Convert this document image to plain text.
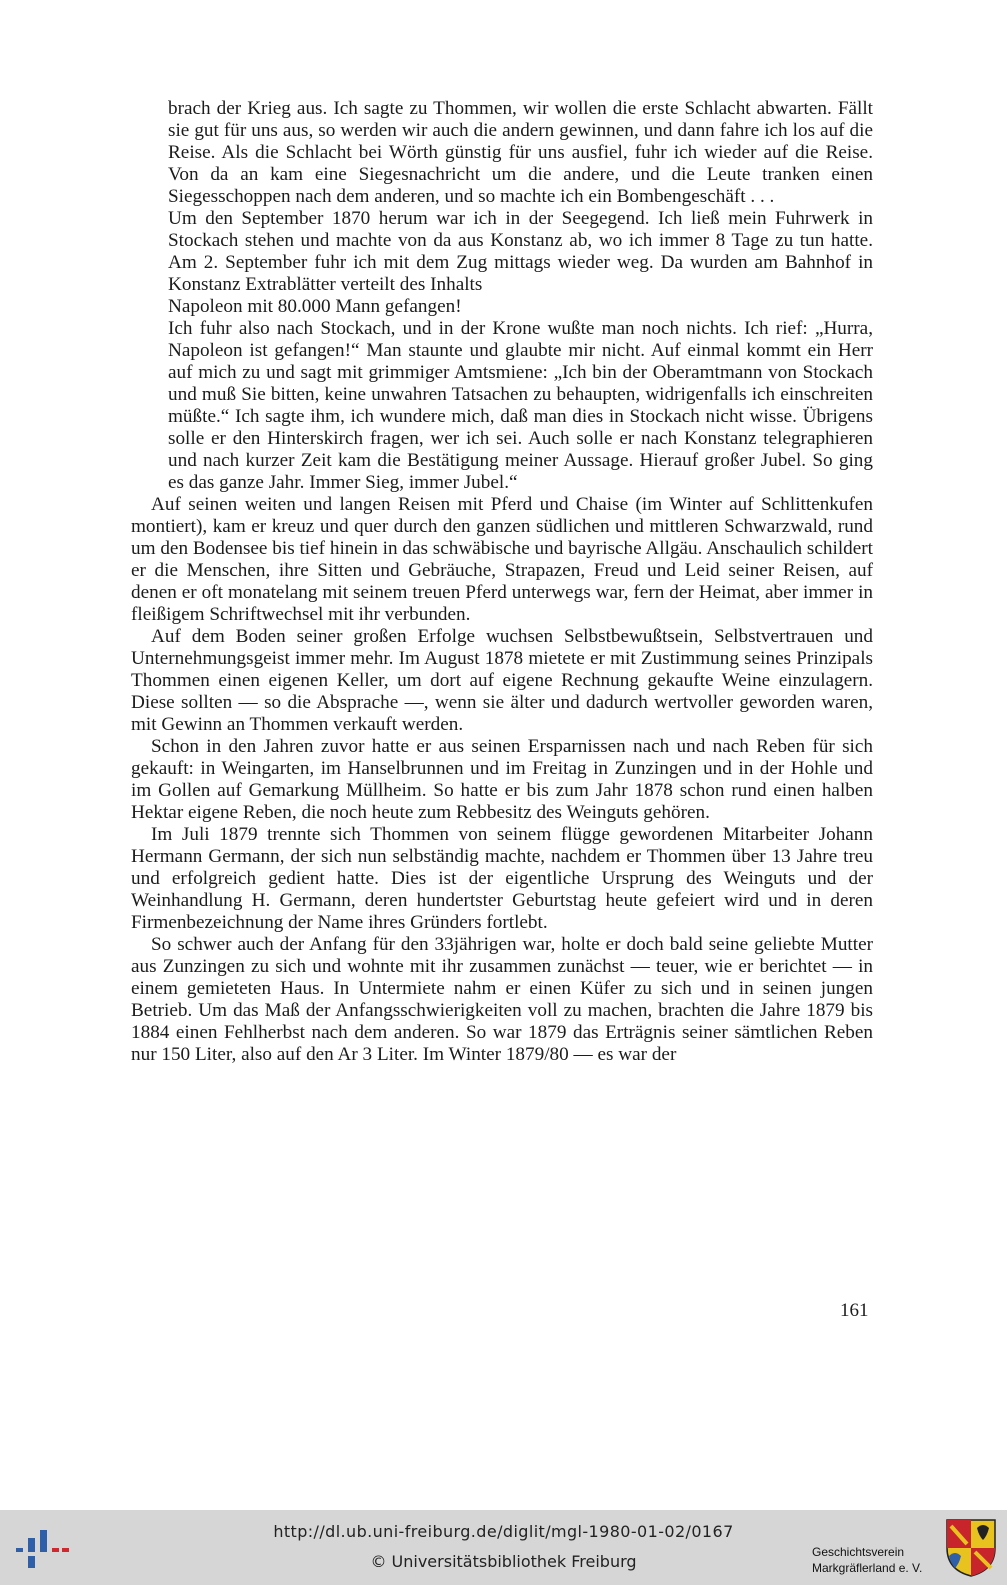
brach der Krieg aus. Ich sagte zu Thommen, wir wollen die erste Schlacht abwarten. Fällt sie gut für uns aus, so werden wir auch die andern gewinnen, und dann fahre ich los auf die Reise. Als die Schlacht bei Wörth günstig für uns ausfiel, fuhr ich wieder auf die Reise. Von da an kam eine Siegesnachricht um die andere, und die Leute tranken einen Siegesschoppen nach dem anderen, und so machte ich ein Bombengeschäft . . .

Um den September 1870 herum war ich in der Seegegend. Ich ließ mein Fuhrwerk in Stockach stehen und machte von da aus Konstanz ab, wo ich immer 8 Tage zu tun hatte. Am 2. September fuhr ich mit dem Zug mittags wieder weg. Da wurden am Bahnhof in Konstanz Extrablätter verteilt des Inhalts

Napoleon mit 80.000 Mann gefangen!

Ich fuhr also nach Stockach, und in der Krone wußte man noch nichts. Ich rief: „Hurra, Napoleon ist gefangen!“ Man staunte und glaubte mir nicht. Auf einmal kommt ein Herr auf mich zu und sagt mit grimmiger Amtsmiene: „Ich bin der Oberamtmann von Stockach und muß Sie bitten, keine unwahren Tatsachen zu behaupten, widrigenfalls ich einschreiten müßte.“ Ich sagte ihm, ich wundere mich, daß man dies in Stockach nicht wisse. Übrigens solle er den Hinterskirch fragen, wer ich sei. Auch solle er nach Konstanz telegraphieren und nach kurzer Zeit kam die Bestätigung meiner Aussage. Hierauf großer Jubel. So ging es das ganze Jahr. Immer Sieg, immer Jubel.“

Auf seinen weiten und langen Reisen mit Pferd und Chaise (im Winter auf Schlittenkufen montiert), kam er kreuz und quer durch den ganzen südlichen und mittleren Schwarzwald, rund um den Bodensee bis tief hinein in das schwäbische und bayrische Allgäu. Anschaulich schildert er die Menschen, ihre Sitten und Gebräuche, Strapazen, Freud und Leid seiner Reisen, auf denen er oft monatelang mit seinem treuen Pferd unterwegs war, fern der Heimat, aber immer in fleißigem Schriftwechsel mit ihr verbunden.

Auf dem Boden seiner großen Erfolge wuchsen Selbstbewußtsein, Selbstvertrauen und Unternehmungsgeist immer mehr. Im August 1878 mietete er mit Zustimmung seines Prinzipals Thommen einen eigenen Keller, um dort auf eigene Rechnung gekaufte Weine einzulagern. Diese sollten — so die Absprache —, wenn sie älter und dadurch wertvoller geworden waren, mit Gewinn an Thommen verkauft werden.

Schon in den Jahren zuvor hatte er aus seinen Ersparnissen nach und nach Reben für sich gekauft: in Weingarten, im Hanselbrunnen und im Freitag in Zunzingen und in der Hohle und im Gollen auf Gemarkung Müllheim. So hatte er bis zum Jahr 1878 schon rund einen halben Hektar eigene Reben, die noch heute zum Rebbesitz des Weinguts gehören.

Im Juli 1879 trennte sich Thommen von seinem flügge gewordenen Mitarbeiter Johann Hermann Germann, der sich nun selbständig machte, nachdem er Thommen über 13 Jahre treu und erfolgreich gedient hatte. Dies ist der eigentliche Ursprung des Weinguts und der Weinhandlung H. Germann, deren hundertster Geburtstag heute gefeiert wird und in deren Firmenbezeichnung der Name ihres Gründers fortlebt.

So schwer auch der Anfang für den 33jährigen war, holte er doch bald seine geliebte Mutter aus Zunzingen zu sich und wohnte mit ihr zusammen zunächst — teuer, wie er berichtet — in einem gemieteten Haus. In Untermiete nahm er einen Küfer zu sich und in seinen jungen Betrieb. Um das Maß der Anfangsschwierigkeiten voll zu machen, brachten die Jahre 1879 bis 1884 einen Fehlherbst nach dem anderen. So war 1879 das Erträgnis seiner sämtlichen Reben nur 150 Liter, also auf den Ar 3 Liter. Im Winter 1879/80 — es war der

161
http://dl.ub.uni-freiburg.de/diglit/mgl-1980-01-02/0167
© Universitätsbibliothek Freiburg	Geschichtsverein
Markgräflerland e. V.
